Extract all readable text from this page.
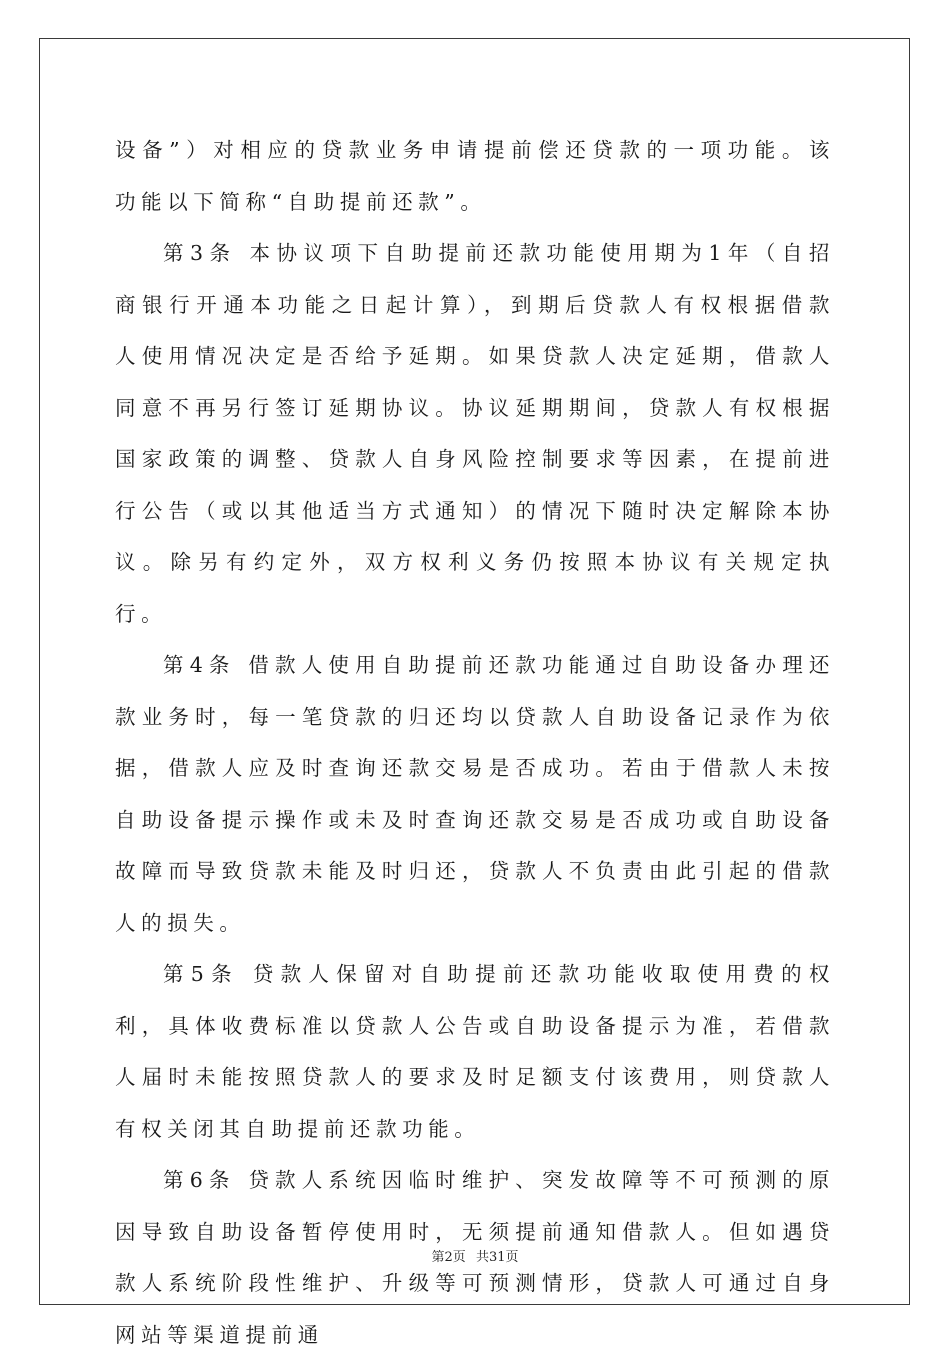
设备”）对相应的贷款业务申请提前偿还贷款的一项功能。该功能以下简称“自助提前还款”。

第3条 本协议项下自助提前还款功能使用期为1年（自招商银行开通本功能之日起计算），到期后贷款人有权根据借款人使用情况决定是否给予延期。如果贷款人决定延期，借款人同意不再另行签订延期协议。协议延期期间，贷款人有权根据国家政策的调整、贷款人自身风险控制要求等因素，在提前进行公告（或以其他适当方式通知）的情况下随时决定解除本协议。除另有约定外，双方权利义务仍按照本协议有关规定执行。

第4条 借款人使用自助提前还款功能通过自助设备办理还款业务时，每一笔贷款的归还均以贷款人自助设备记录作为依据，借款人应及时查询还款交易是否成功。若由于借款人未按自助设备提示操作或未及时查询还款交易是否成功或自助设备故障而导致贷款未能及时归还，贷款人不负责由此引起的借款人的损失。

第5条 贷款人保留对自助提前还款功能收取使用费的权利，具体收费标准以贷款人公告或自助设备提示为准，若借款人届时未能按照贷款人的要求及时足额支付该费用，则贷款人有权关闭其自助提前还款功能。

第6条 贷款人系统因临时维护、突发故障等不可预测的原因导致自助设备暂停使用时，无须提前通知借款人。但如遇贷款人系统阶段性维护、升级等可预测情形，贷款人可通过自身网站等渠道提前通

第2页 共31页
